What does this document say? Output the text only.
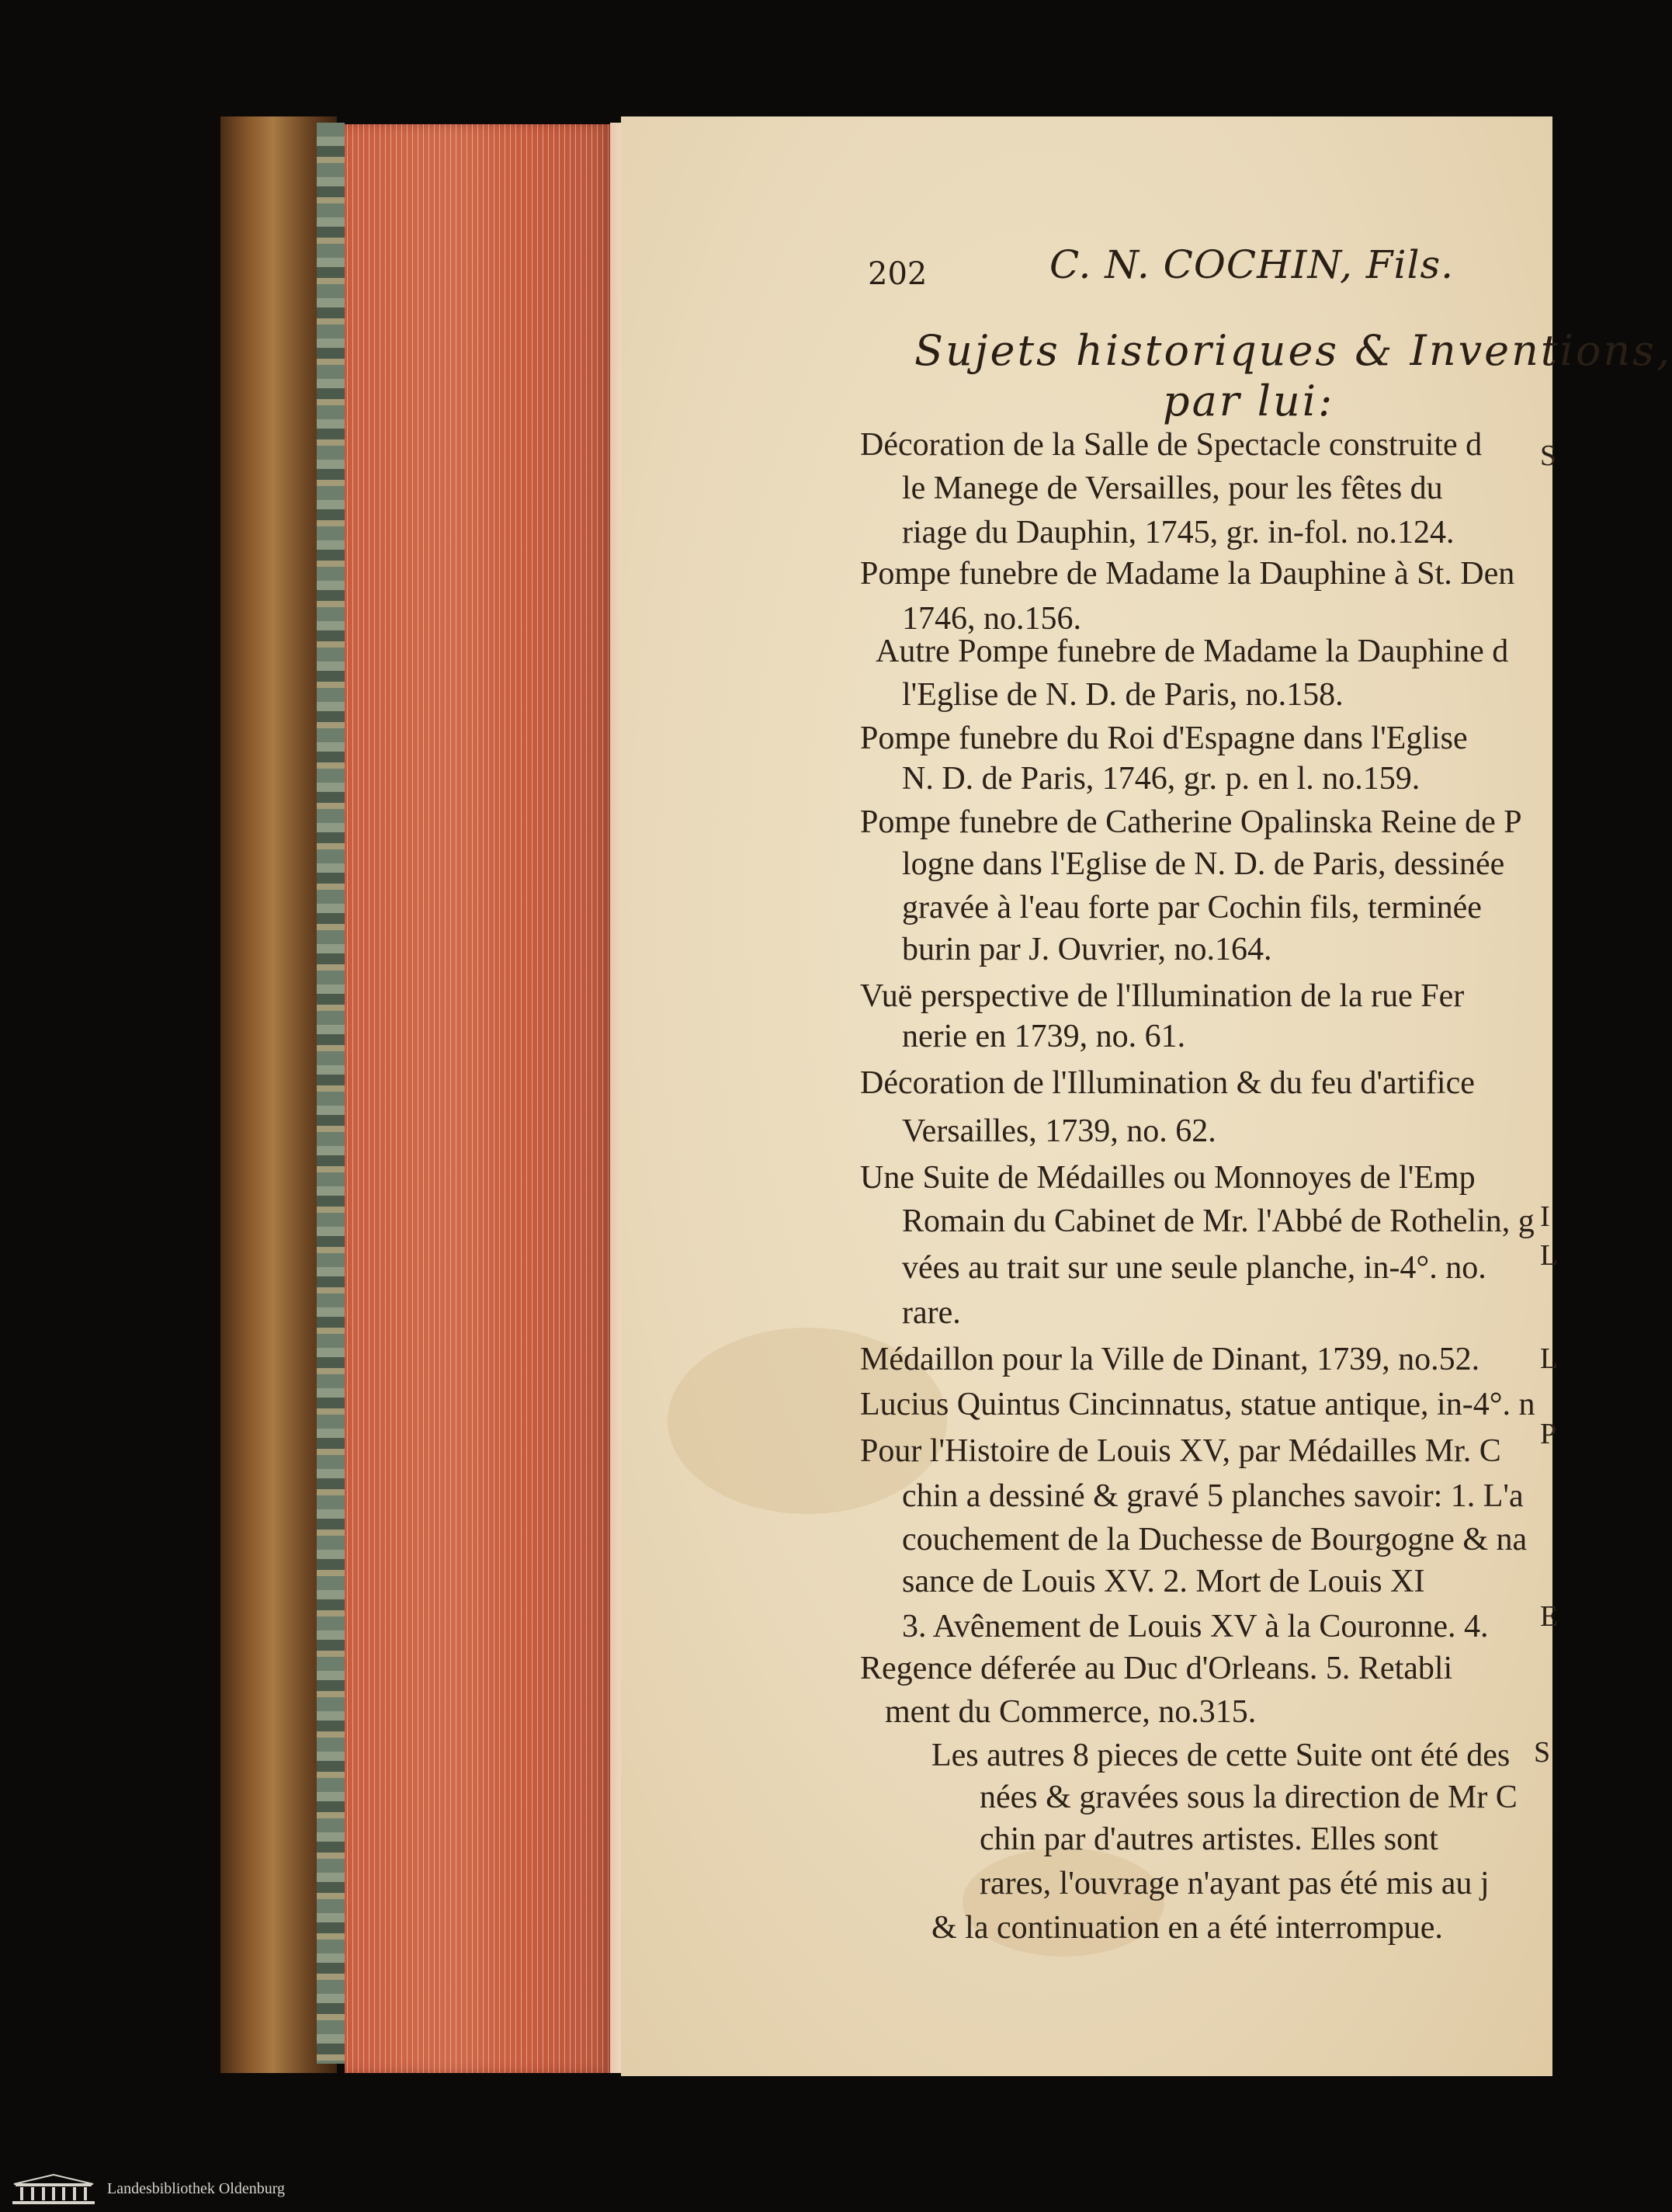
202	C. N. COCHIN, Fils.
Sujets historiques & Inventions,
par lui:
Décoration de la Salle de Spectacle construite d
le Manege de Versailles, pour les fêtes du
riage du Dauphin, 1745, gr. in-fol. no.124.
Pompe funebre de Madame la Dauphine à St. Den
1746, no.156.
Autre Pompe funebre de Madame la Dauphine d
l'Eglise de N. D. de Paris, no.158.
Pompe funebre du Roi d'Espagne dans l'Eglise
N. D. de Paris, 1746, gr. p. en l. no.159.
Pompe funebre de Catherine Opalinska Reine de P
logne dans l'Eglise de N. D. de Paris, dessinée
gravée à l'eau forte par Cochin fils, terminée
burin par J. Ouvrier, no.164.
Vuë perspective de l'Illumination de la rue Fer
nerie en 1739, no. 61.
Décoration de l'Illumination & du feu d'artifice
Versailles, 1739, no. 62.
Une Suite de Médailles ou Monnoyes de l'Emp
Romain du Cabinet de Mr. l'Abbé de Rothelin, g
vées au trait sur une seule planche, in-4°. no.
rare.
Médaillon pour la Ville de Dinant, 1739, no.52.
Lucius Quintus Cincinnatus, statue antique, in-4°. n
Pour l'Histoire de Louis XV, par Médailles Mr. C
chin a dessiné & gravé 5 planches savoir: 1. L'a
couchement de la Duchesse de Bourgogne & na
sance de Louis XV. 2. Mort de Louis XI
3. Avênement de Louis XV à la Couronne. 4.
Regence déferée au Duc d'Orleans. 5. Retabli
ment du Commerce, no.315.
Les autres 8 pieces de cette Suite ont été des
nées & gravées sous la direction de Mr C
chin par d'autres artistes. Elles sont
rares, l'ouvrage n'ayant pas été mis au j
& la continuation en a été interrompue.
S
S
I
L
L
P
E
Landesbibliothek Oldenburg
